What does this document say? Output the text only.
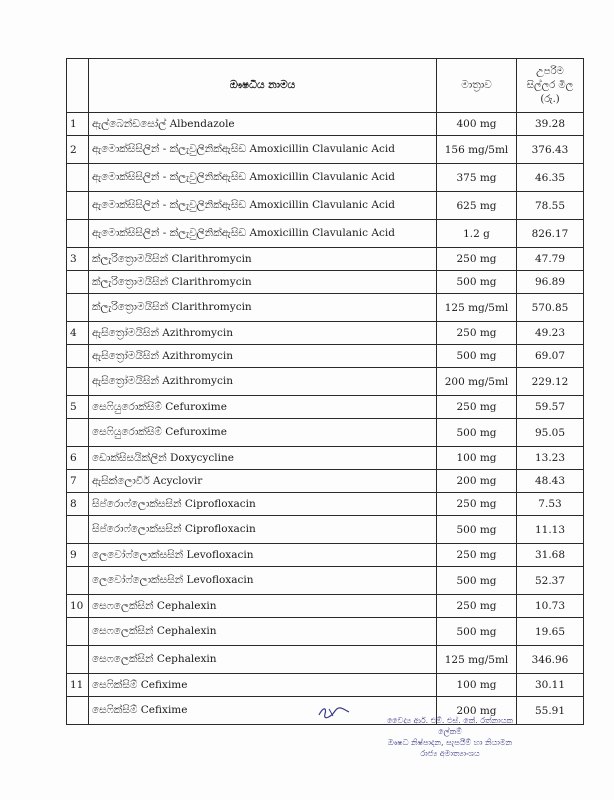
	ඖෂධීය නාමය	මාත්‍රාව	උපරිම
සිල්ලර මිල
(රු.)

1	ඇල්බෙන්ඩසෝල් Albendazole	400 mg	39.28
2	ඇමොක්සිසිලින් - ක්ලැවුලිනික්ඇසිඩ Amoxicillin Clavulanic Acid	156 mg/5ml	376.43
	ඇමොක්සිසිලින් - ක්ලැවුලිනික්ඇසිඩ Amoxicillin Clavulanic Acid	375 mg	46.35
	ඇමොක්සිසිලින් - ක්ලැවුලිනික්ඇසිඩ Amoxicillin Clavulanic Acid	625 mg	78.55
	ඇමොක්සිසිලින් - ක්ලැවුලිනික්ඇසිඩ Amoxicillin Clavulanic Acid	1.2 g	826.17
3	ක්ලැරිත්‍රොමයිසින් Clarithromycin	250 mg	47.79
	ක්ලැරිත්‍රොමයිසින් Clarithromycin	500 mg	96.89
	ක්ලැරිත්‍රොමයිසින් Clarithromycin	125 mg/5ml	570.85
4	ඇසිත්‍රෝමයිසින් Azithromycin	250 mg	49.23
	ඇසිත්‍රෝමයිසින් Azithromycin	500 mg	69.07
	ඇසිත්‍රෝමයිසින් Azithromycin	200 mg/5ml	229.12
5	සෙෆියුරොක්සිම් Cefuroxime	250 mg	59.57
	සෙෆියුරොක්සිම් Cefuroxime	500 mg	95.05
6	ඩොක්සිසයික්ලින් Doxycycline	100 mg	13.23
7	ඇසික්ලොවීර් Acyclovir	200 mg	48.43
8	සිප්රොෆ්ලොක්සසින් Ciprofloxacin	250 mg	7.53
	සිප්රොෆ්ලොක්සසින් Ciprofloxacin	500 mg	11.13
9	ලෙවෝෆ්ලොක්සසින් Levofloxacin	250 mg	31.68
	ලෙවෝෆ්ලොක්සසින් Levofloxacin	500 mg	52.37
10	සෙෆලෙක්සින් Cephalexin	250 mg	10.73
	සෙෆලෙක්සින් Cephalexin	500 mg	19.65
	සෙෆලෙක්සින් Cephalexin	125 mg/5ml	346.96
11	සෙෆික්සිම් Cefixime	100 mg	30.11
	සෙෆික්සිම් Cefixime	200 mg	55.91
වෛද්‍ය ආර්. එම්. එස්. කේ. රත්නායක
ලේකම්
ඖෂධ නිෂ්පාදන, සැපයීම් හා නියාමන
රාජ්‍ය අමාත්‍යාංශය
